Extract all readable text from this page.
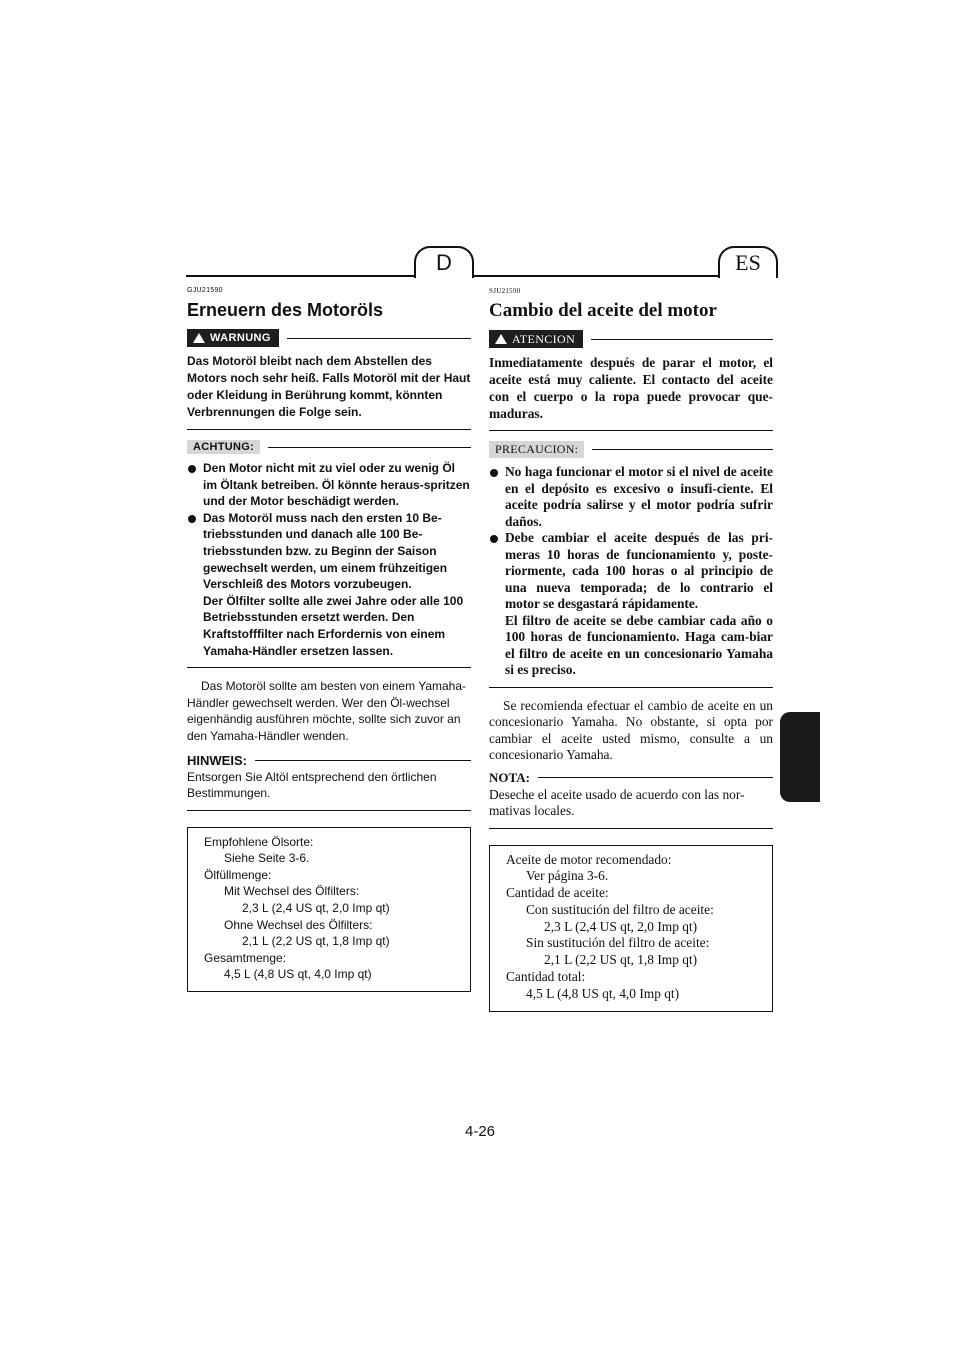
D	ES

GJU21590

Erneuern des Motoröls
WARNUNG

Das Motoröl bleibt nach dem Abstellen des Motors noch sehr heiß. Falls Motoröl mit der Haut oder Kleidung in Berührung kommt, könnten Verbrennungen die Folge sein.

ACHTUNG:
Den Motor nicht mit zu viel oder zu wenig Öl im Öltank betreiben. Öl könnte heraus-spritzen und der Motor beschädigt werden.
Das Motoröl muss nach den ersten 10 Be-triebsstunden und danach alle 100 Be-triebsstunden bzw. zu Beginn der Saison gewechselt werden, um einem frühzeitigen Verschleiß des Motors vorzubeugen.
Der Ölfilter sollte alle zwei Jahre oder alle 100 Betriebsstunden ersetzt werden. Den Kraftstofffilter nach Erfordernis von einem Yamaha-Händler ersetzen lassen.

Das Motoröl sollte am besten von einem Yamaha-Händler gewechselt werden. Wer den Öl-wechsel eigenhändig ausführen möchte, sollte sich zuvor an den Yamaha-Händler wenden.

HINWEIS:

Entsorgen Sie Altöl entsprechend den örtlichen Bestimmungen.

Empfohlene Ölsorte:
Siehe Seite 3-6.
Ölfüllmenge:
Mit Wechsel des Ölfilters:
2,3 L (2,4 US qt, 2,0 Imp qt)
Ohne Wechsel des Ölfilters:
2,1 L (2,2 US qt, 1,8 Imp qt)
Gesamtmenge:
4,5 L (4,8 US qt, 4,0 Imp qt)

SJU21590

Cambio del aceite del motor
ATENCION

Inmediatamente después de parar el motor, el aceite está muy caliente. El contacto del aceite con el cuerpo o la ropa puede provocar que-maduras.

PRECAUCION:
No haga funcionar el motor si el nivel de aceite en el depósito es excesivo o insufi-ciente. El aceite podría salirse y el motor podría sufrir daños.
Debe cambiar el aceite después de las pri-meras 10 horas de funcionamiento y, poste-riormente, cada 100 horas o al principio de una nueva temporada; de lo contrario el motor se desgastará rápidamente.
El filtro de aceite se debe cambiar cada año o 100 horas de funcionamiento. Haga cam-biar el filtro de aceite en un concesionario Yamaha si es preciso.

Se recomienda efectuar el cambio de aceite en un concesionario Yamaha. No obstante, si opta por cambiar el aceite usted mismo, consulte a un concesionario Yamaha.

NOTA:

Deseche el aceite usado de acuerdo con las nor-mativas locales.

Aceite de motor recomendado:
Ver página 3-6.
Cantidad de aceite:
Con sustitución del filtro de aceite:
2,3 L (2,4 US qt, 2,0 Imp qt)
Sin sustitución del filtro de aceite:
2,1 L (2,2 US qt, 1,8 Imp qt)
Cantidad total:
4,5 L (4,8 US qt, 4,0 Imp qt)
4-26
